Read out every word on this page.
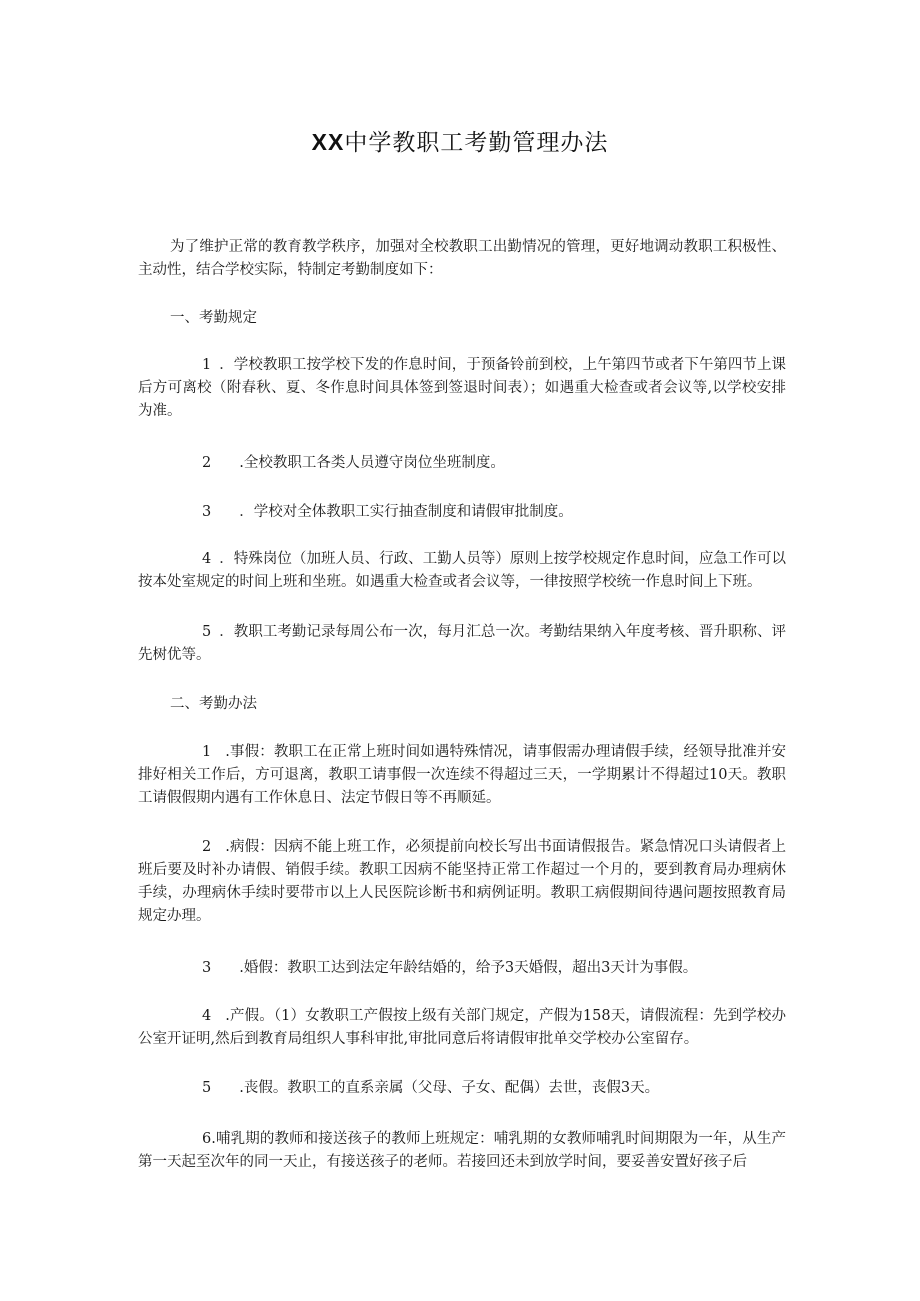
XX中学教职工考勤管理办法

为了维护正常的教育教学秩序，加强对全校教职工出勤情况的管理，更好地调动教职工积极性、主动性，结合学校实际，特制定考勤制度如下：

一、考勤规定

1 ．学校教职工按学校下发的作息时间，于预备铃前到校，上午第四节或者下午第四节上课后方可离校（附春秋、夏、冬作息时间具体签到签退时间表）；如遇重大检查或者会议等,以学校安排为准。

2 .全校教职工各类人员遵守岗位坐班制度。

3 ．学校对全体教职工实行抽查制度和请假审批制度。

4 ．特殊岗位（加班人员、行政、工勤人员等）原则上按学校规定作息时间，应急工作可以按本处室规定的时间上班和坐班。如遇重大检查或者会议等，一律按照学校统一作息时间上下班。

5 ．教职工考勤记录每周公布一次，每月汇总一次。考勤结果纳入年度考核、晋升职称、评先树优等。

二、考勤办法

1 .事假：教职工在正常上班时间如遇特殊情况，请事假需办理请假手续，经领导批准并安排好相关工作后，方可退离，教职工请事假一次连续不得超过三天，一学期累计不得超过10天。教职工请假假期内遇有工作休息日、法定节假日等不再顺延。

2 .病假：因病不能上班工作，必须提前向校长写出书面请假报告。紧急情况口头请假者上班后要及时补办请假、销假手续。教职工因病不能坚持正常工作超过一个月的，要到教育局办理病休手续，办理病休手续时要带市以上人民医院诊断书和病例证明。教职工病假期间待遇问题按照教育局规定办理。

3 .婚假：教职工达到法定年龄结婚的，给予3天婚假，超出3天计为事假。

4 .产假。（1）女教职工产假按上级有关部门规定，产假为158天，请假流程：先到学校办公室开证明,然后到教育局组织人事科审批,审批同意后将请假审批单交学校办公室留存。

5 .丧假。教职工的直系亲属（父母、子女、配偶）去世，丧假3天。

6.哺乳期的教师和接送孩子的教师上班规定：哺乳期的女教师哺乳时间期限为一年，从生产第一天起至次年的同一天止，有接送孩子的老师。若接回还未到放学时间，要妥善安置好孩子后
